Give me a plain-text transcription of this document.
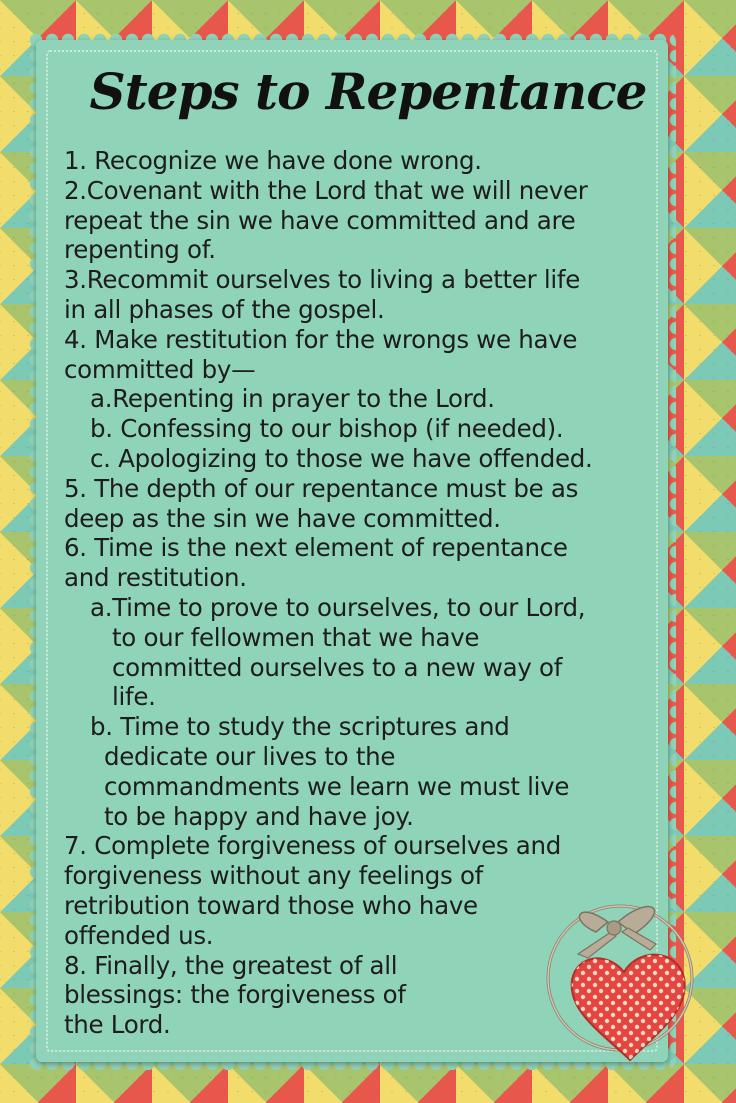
Steps to Repentance
1. Recognize we have done wrong.
2.Covenant with the Lord that we will never
repeat the sin we have committed and are
repenting of.
3.Recommit ourselves to living a better life
in all phases of the gospel.
4. Make restitution for the wrongs we have
committed by—
a.Repenting in prayer to the Lord.
b. Confessing to our bishop (if needed).
c. Apologizing to those we have offended.
5. The depth of our repentance must be as
deep as the sin we have committed.
6. Time is the next element of repentance
and restitution.
a.Time to prove to ourselves, to our Lord,
to our fellowmen that we have
committed ourselves to a new way of
life.
b. Time to study the scriptures and
dedicate our lives to the
commandments we learn we must live
to be happy and have joy.
7. Complete forgiveness of ourselves and
forgiveness without any feelings of
retribution toward those who have
offended us.
8. Finally, the greatest of all
blessings: the forgiveness of
the Lord.
